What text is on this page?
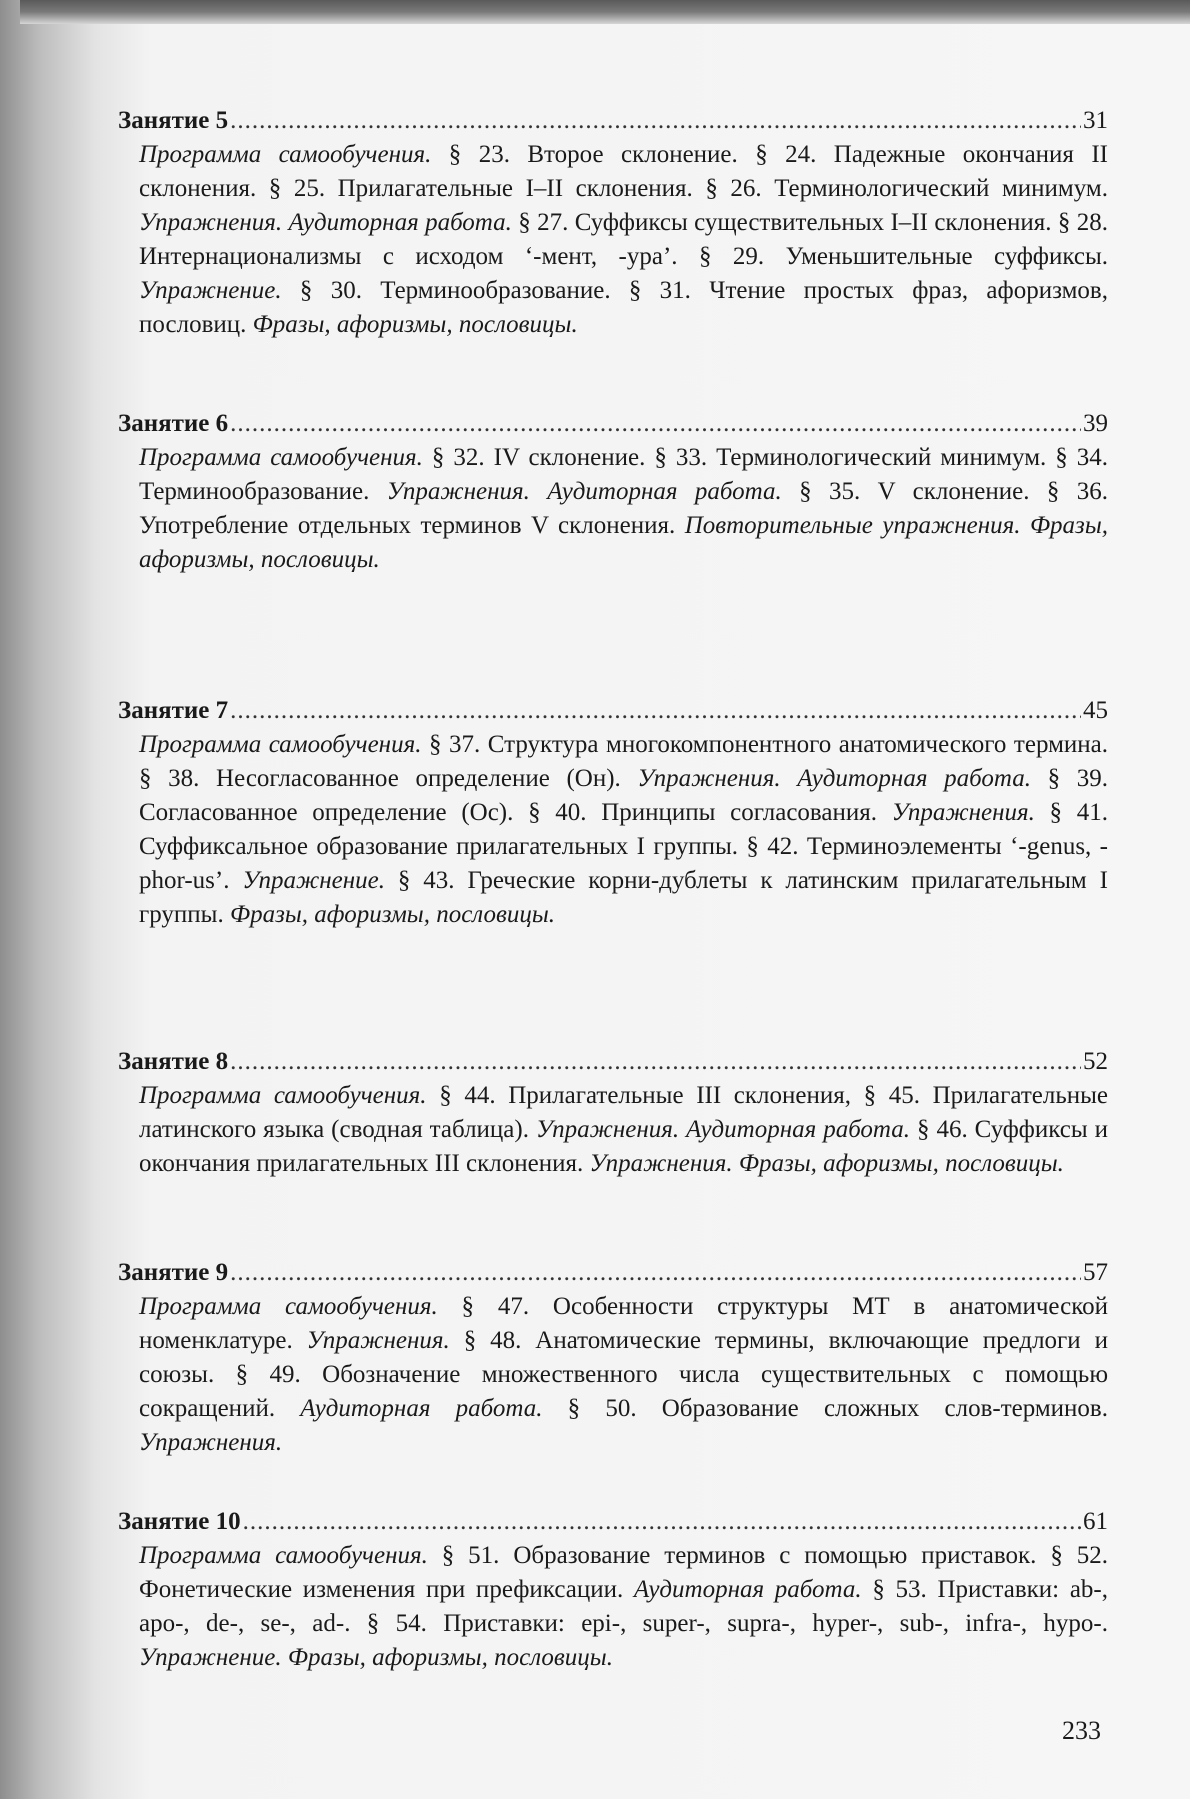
Занятие 5
.....	31
Программа самообучения. § 23. Второе склонение. § 24. Падежные окончания II склонения. § 25. Прилагательные I–II склонения. § 26. Терминологический минимум. Упражнения. Аудиторная работа. § 27. Суффиксы существительных I–II склонения. § 28. Интернационализмы с исходом ‘-мент, -ура’. § 29. Уменьшительные суффиксы. Упражнение. § 30. Терминообразование. § 31. Чтение простых фраз, афоризмов, пословиц. Фразы, афоризмы, пословицы.
Занятие 6
.....	39
Программа самообучения. § 32. IV склонение. § 33. Терминологический минимум. § 34. Терминообразование. Упражнения. Аудиторная работа. § 35. V склонение. § 36. Употребление отдельных терминов V склонения. Повторительные упражнения. Фразы, афоризмы, пословицы.
Занятие 7
.....	45
Программа самообучения. § 37. Структура многокомпонентного анатомического термина. § 38. Несогласованное определение (Oн). Упражнения. Аудиторная работа. § 39. Согласованное определение (Oс). § 40. Принципы согласования. Упражнения. § 41. Суффиксальное образование прилагательных I группы. § 42. Терминоэлементы ‘-genus, -phor-us’. Упражнение. § 43. Греческие корни-дублеты к латинским прилагательным I группы. Фразы, афоризмы, пословицы.
Занятие 8
.....	52
Программа самообучения. § 44. Прилагательные III склонения, § 45. Прилагательные латинского языка (сводная таблица). Упражнения. Аудиторная работа. § 46. Суффиксы и окончания прилагательных III склонения. Упражнения. Фразы, афоризмы, пословицы.
Занятие 9
.....	57
Программа самообучения. § 47. Особенности структуры МТ в анатомической номенклатуре. Упражнения. § 48. Анатомические термины, включающие предлоги и союзы. § 49. Обозначение множественного числа существительных с помощью сокращений. Аудиторная работа. § 50. Образование сложных слов-терминов. Упражнения.
Занятие 10
.....	61
Программа самообучения. § 51. Образование терминов с помощью приставок. § 52. Фонетические изменения при префиксации. Аудиторная работа. § 53. Приставки: ab-, apo-, de-, se-, ad-. § 54. Приставки: epi-, super-, supra-, hyper-, sub-, infra-, hypo-. Упражнение. Фразы, афоризмы, пословицы.
233
